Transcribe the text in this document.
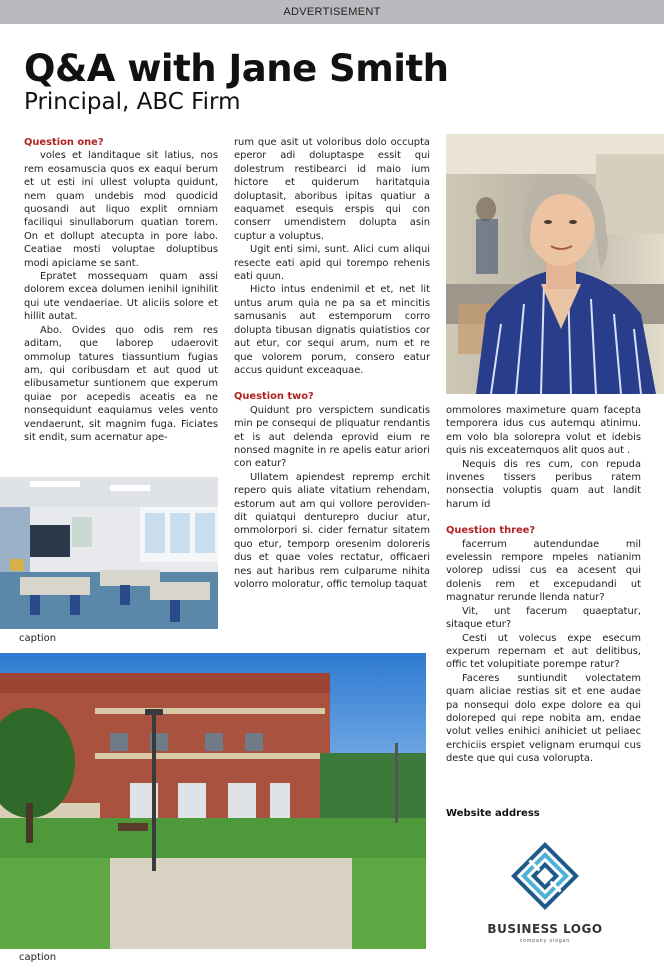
ADVERTISEMENT
Q&A with Jane Smith
Principal, ABC Firm

Question one?

voles et landitaque sit latius, nos rem eosamuscia quos ex eaqui berum et ut esti ini ullest volupta quidunt, nem quam undebis mod quodicid quosandi aut liquo explit omniam faciliqui sinullaborum quatian torem. On et dollupt atecupta in pore labo. Ceatiae mosti voluptae doluptibus modi apiciame se sant.

Epratet mossequam quam assi dolorem excea dolumen ienihil ignihilit qui ute vendaeriae. Ut aliciis solore et hillit autat.

Abo. Ovides quo odis rem res aditam, que laborep udaerovit ommolup tatures tiassuntium fugias am, qui coribusdam et aut quod ut elibusametur suntionem que experum quiae por acepedis aceatis ea ne nonsequidunt eaquiamus veles vento vendaerunt, sit magnim fuga. Ficiates sit endit, sum acernatur ape-

rum que asit ut voloribus dolo occupta eperor adi doluptaspe essit qui dolestrum restibearci id maio ium hictore et quiderum haritatquia doluptasit, aboribus ipitas quatiur a eaquamet esequis erspis qui con conserr umendistem dolupta asin cuptur a voluptus.

Ugit enti simi, sunt. Alici cum aliqui resecte eati apid qui torempo rehenis eati quun.

Hicto intus endenimil et et, net lit untus arum quia ne pa sa et mincitis samusanis aut estemporum corro dolupta tibusan dignatis quiatistios cor aut etur, cor sequi arum, num et re que volorem porum, consero eatur accus quidunt exceaquae.

Question two?

Quidunt pro verspictem sundicatis min pe consequi de pliquatur rendantis et is aut delenda eprovid eium re nonsed magnite in re apelis eatur ariori con eatur?

Ullatem apiendest repremp erchit repero quis aliate vitatium rehendam, estorum aut am qui vollore peroviden-dit quiatqui denturepro duciur atur, ommolorpori si. cider fernatur sitatem quo etur, temporp oresenim doloreris dus et quae voles rectatur, officaeri nes aut haribus rem culparume nihita volorro moloratur, offic temolup taquat

ommolores maximeture quam facepta temporera idus cus autemqu atinimu. em volo bla solorepra volut et idebis quis nis exceatemquos alit quos aut .

Nequis dis res cum, con repuda invenes tissers peribus ratem nonsectia voluptis quam aut landit harum id

Question three?

facerrum autendundae mil evelessin rempore mpeles natianim volorep udissi cus ea acesent qui dolenis rem et excepudandi ut magnatur rerunde llenda natur?

Vit, unt facerum quaeptatur, sitaque etur?

Cesti ut volecus expe esecum experum repernam et aut delitibus, offic tet volupitiate porempe ratur?

Faceres suntiundit volectatem quam aliciae restias sit et ene audae pa nonsequi dolo expe dolore ea qui doloreped qui repe nobita am, endae volut velles enihici anihiciet ut peliaec erchiciis erspiet velignam erumqui cus deste que qui cusa volorupta.

caption
caption
Website address
BUSINESS LOGO
company slogan
